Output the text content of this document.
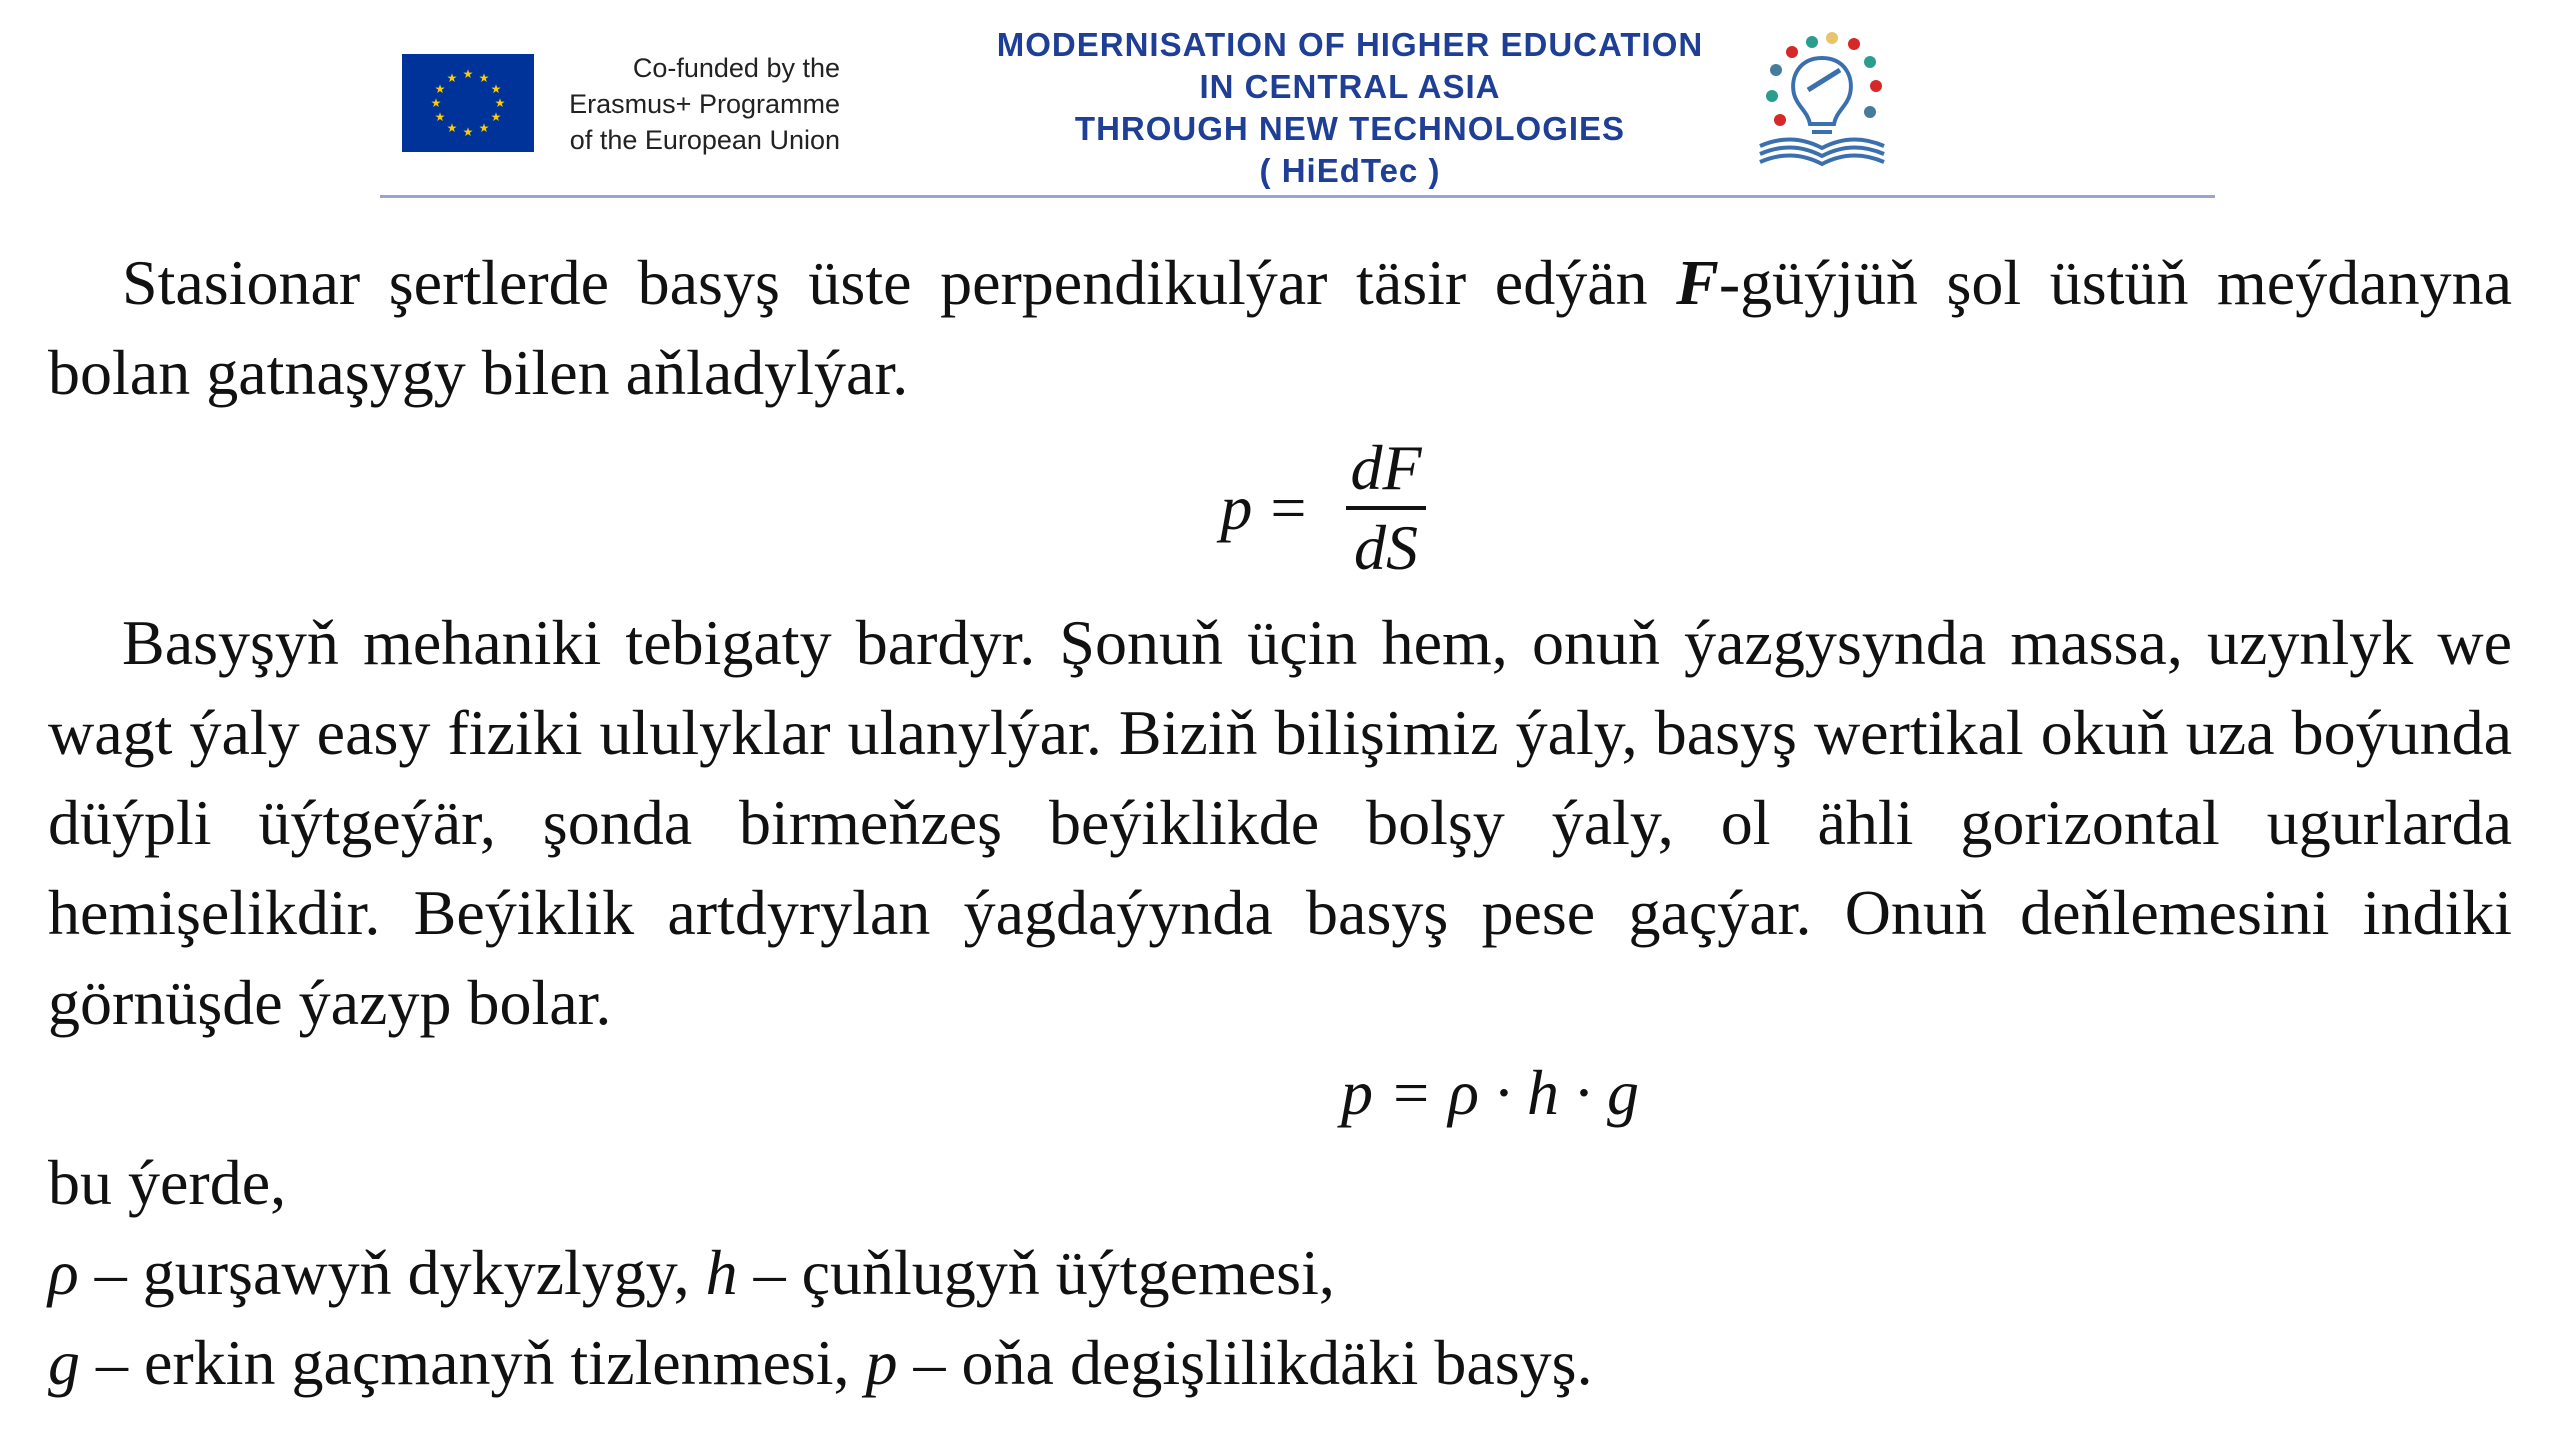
★ ★
★
★
★
★
★
★
★
★
★
★	Co-funded by the
Erasmus+ Programme
of the European Union
MODERNISATION OF HIGHER EDUCATION
IN CENTRAL ASIA
THROUGH NEW TECHNOLOGIES
( HiEdTec )

Stasionar şertlerde basyş üste perpendikulýar täsir edýän F-güýjüň şol üstüň meýdanyna bolan gatnaşygy bilen aňladylýar.

$p = \frac{dF}{dS}$

Basyşyň mehaniki tebigaty bardyr. Şonuň üçin hem, onuň ýazgysynda massa, uzynlyk we wagt ýaly easy fiziki ululyklar ulanylýar. Biziň bilişimiz ýaly, basyş wertikal okuň uza boýunda düýpli üýtgeýär, şonda birmeňzeş beýiklikde bolşy ýaly, ol ähli gorizontal ugurlarda hemişelikdir. Beýiklik artdyrylan ýagdaýynda basyş pese gaçýar. Onuň deňlemesini indiki görnüşde ýazyp bolar.

p = ρ · h · g

bu ýerde,

ρ – gurşawyň dykyzlygy, h – çuňlugyň üýtgemesi,

g – erkin gaçmanyň tizlenmesi, p – oňa degişlilikdäki basyş.
